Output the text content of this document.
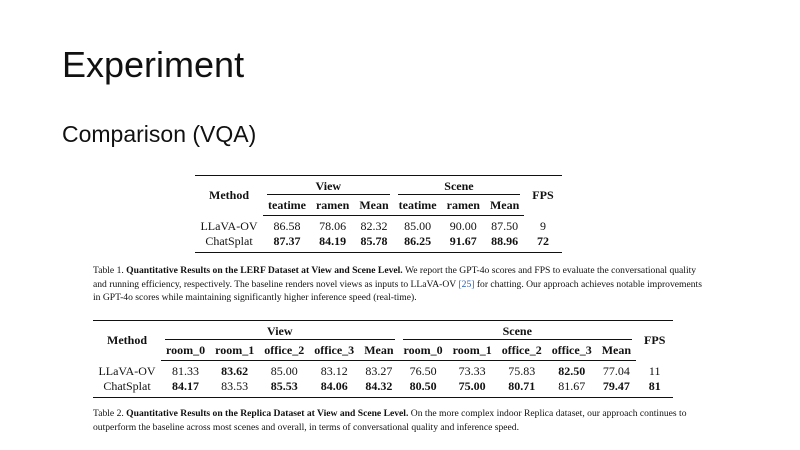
Experiment
Comparison (VQA)
Method	View			Scene			FPS
	teatime	ramen	Mean	teatime	ramen	Mean	
LLaVA-OV	86.58	78.06	82.32	85.00	90.00	87.50	9
ChatSplat	87.37	84.19	85.78	86.25	91.67	88.96	72

Table 1. Quantitative Results on the LERF Dataset at View and Scene Level. We report the GPT-4o scores and FPS to evaluate the conversational quality and running efficiency, respectively. The baseline renders novel views as inputs to LLaVA-OV [25] for chatting. Our approach achieves notable improvements in GPT-4o scores while maintaining significantly higher inference speed (real-time).

Method	View					Scene					FPS
	room_0	room_1	office_2	office_3	Mean	room_0	room_1	office_2	office_3	Mean	
LLaVA-OV	81.33	83.62	85.00	83.12	83.27	76.50	73.33	75.83	82.50	77.04	11
ChatSplat	84.17	83.53	85.53	84.06	84.32	80.50	75.00	80.71	81.67	79.47	81

Table 2. Quantitative Results on the Replica Dataset at View and Scene Level. On the more complex indoor Replica dataset, our approach continues to outperform the baseline across most scenes and overall, in terms of conversational quality and inference speed.
